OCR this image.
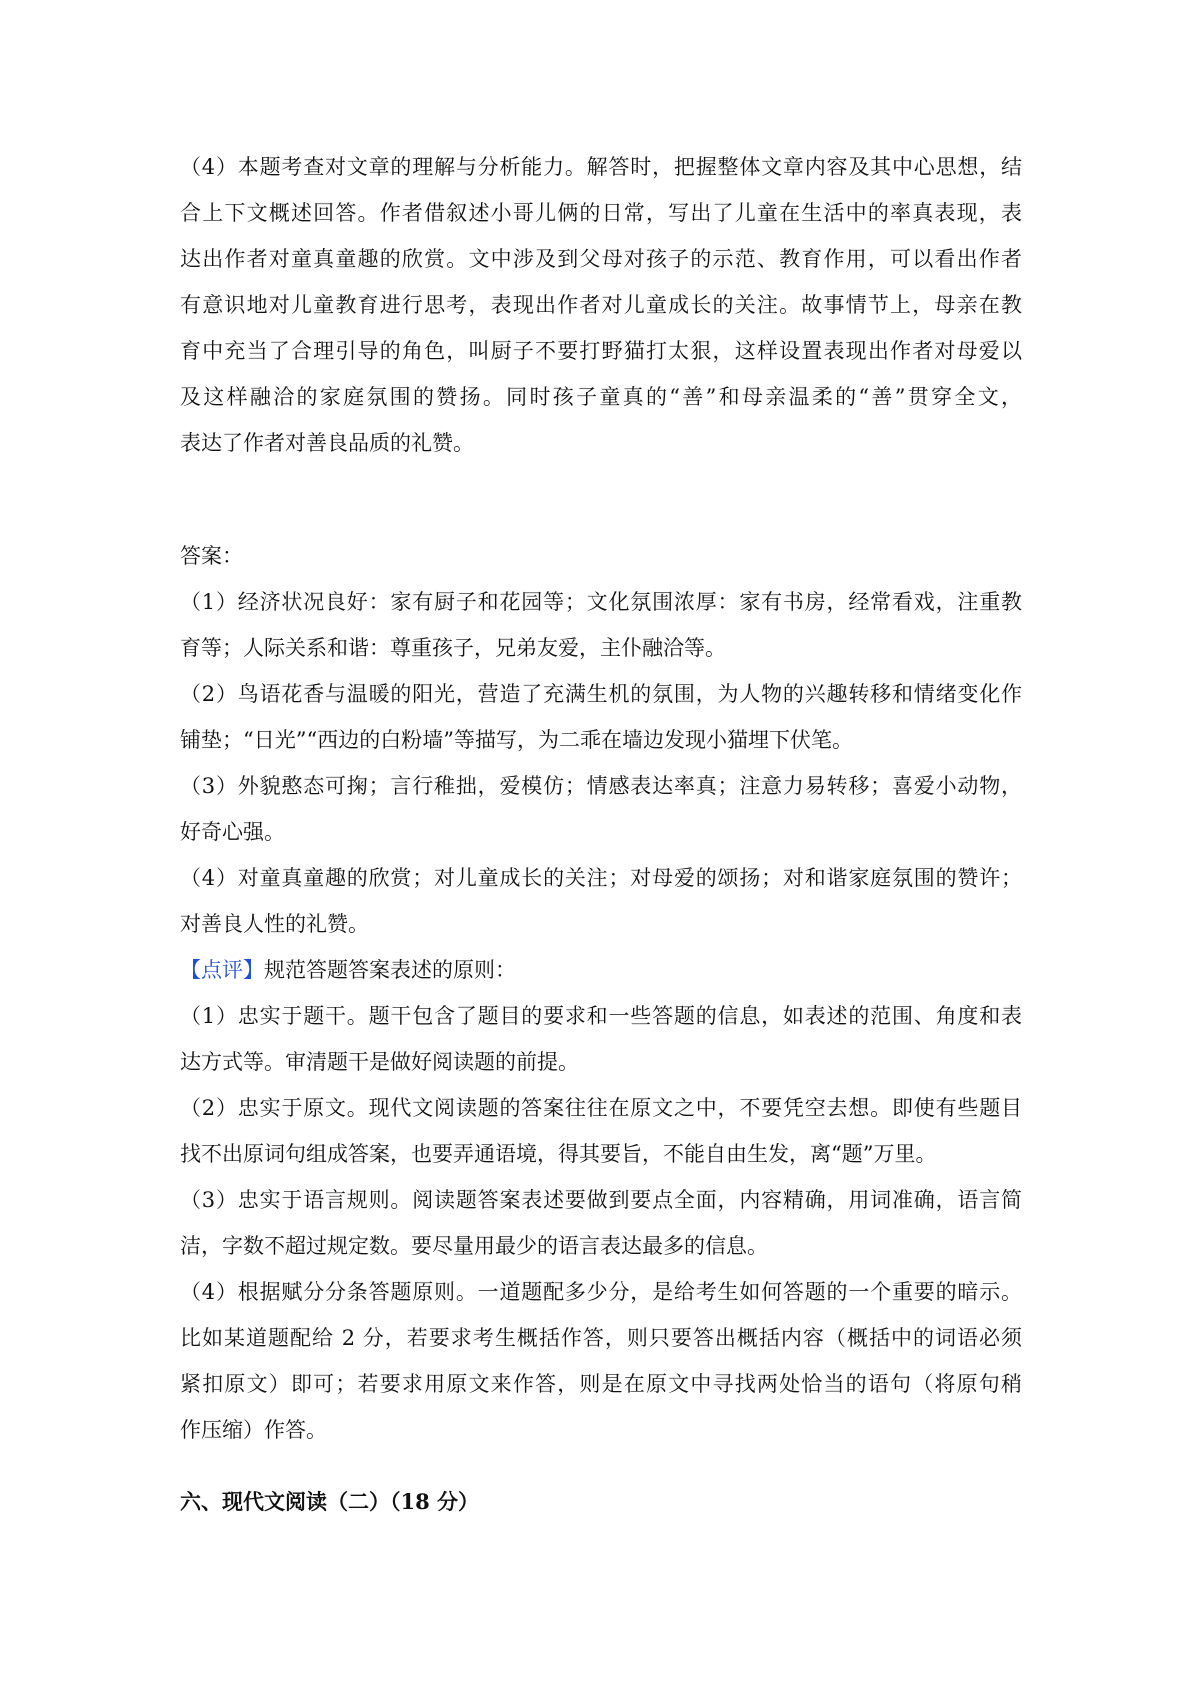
（4）本题考查对文章的理解与分析能力。解答时，把握整体文章内容及其中心思想，结
合上下文概述回答。作者借叙述小哥儿俩的日常，写出了儿童在生活中的率真表现，表
达出作者对童真童趣的欣赏。文中涉及到父母对孩子的示范、教育作用，可以看出作者
有意识地对儿童教育进行思考，表现出作者对儿童成长的关注。故事情节上，母亲在教
育中充当了合理引导的角色，叫厨子不要打野猫打太狠，这样设置表现出作者对母爱以
及这样融洽的家庭氛围的赞扬。同时孩子童真的“善”和母亲温柔的“善”贯穿全文，
表达了作者对善良品质的礼赞。
答案：
（1）经济状况良好：家有厨子和花园等；文化氛围浓厚：家有书房，经常看戏，注重教
育等；人际关系和谐：尊重孩子，兄弟友爱，主仆融洽等。
（2）鸟语花香与温暖的阳光，营造了充满生机的氛围，为人物的兴趣转移和情绪变化作
铺垫；“日光”“西边的白粉墙”等描写，为二乖在墙边发现小猫埋下伏笔。
（3）外貌憨态可掬；言行稚拙，爱模仿；情感表达率真；注意力易转移；喜爱小动物，
好奇心强。
（4）对童真童趣的欣赏；对儿童成长的关注；对母爱的颂扬；对和谐家庭氛围的赞许；
对善良人性的礼赞。
【点评】规范答题答案表述的原则：
（1）忠实于题干。题干包含了题目的要求和一些答题的信息，如表述的范围、角度和表
达方式等。审清题干是做好阅读题的前提。
（2）忠实于原文。现代文阅读题的答案往往在原文之中，不要凭空去想。即使有些题目
找不出原词句组成答案，也要弄通语境，得其要旨，不能自由生发，离“题”万里。
（3）忠实于语言规则。阅读题答案表述要做到要点全面，内容精确，用词准确，语言简
洁，字数不超过规定数。要尽量用最少的语言表达最多的信息。
（4）根据赋分分条答题原则。一道题配多少分，是给考生如何答题的一个重要的暗示。
比如某道题配给 2 分，若要求考生概括作答，则只要答出概括内容（概括中的词语必须
紧扣原文）即可；若要求用原文来作答，则是在原文中寻找两处恰当的语句（将原句稍
作压缩）作答。
六、现代文阅读（二）（18 分）
